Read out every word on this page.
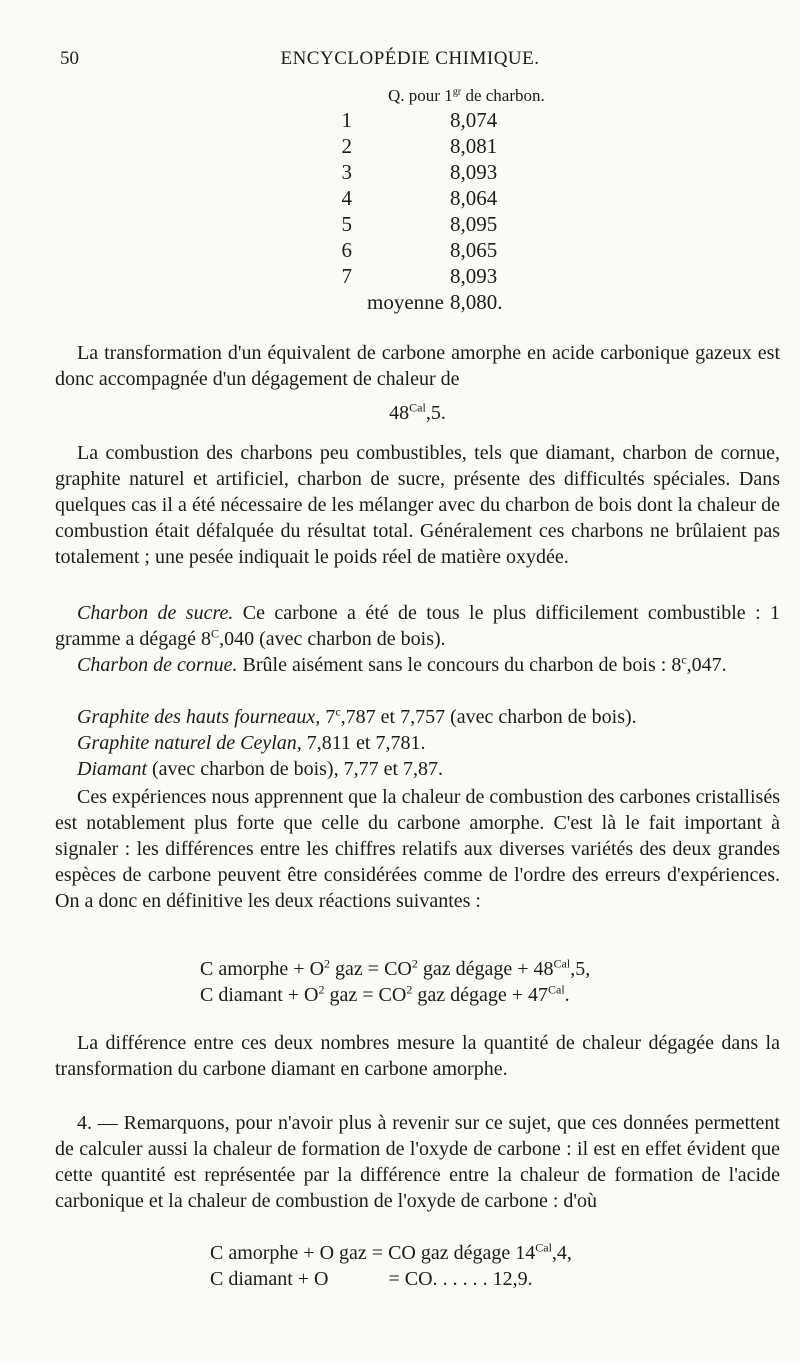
50	ENCYCLOPÉDIE CHIMIQUE.
Q. pour $1^{gr}$ de charbon.
1	8,074
2	8,081
3	8,093
4	8,064
5	8,095
6	8,065
7	8,093
moyenne 8,080.

La transformation d'un équivalent de carbone amorphe en acide carbonique gazeux est donc accompagnée d'un dégagement de chaleur de

$48^{Cal},5$.

La combustion des charbons peu combustibles, tels que diamant, charbon de cornue, graphite naturel et artificiel, charbon de sucre, présente des difficultés spéciales. Dans quelques cas il a été nécessaire de les mélanger avec du charbon de bois dont la chaleur de combustion était défalquée du résultat total. Généralement ces charbons ne brûlaient pas totalement ; une pesée indiquait le poids réel de matière oxydée.

Charbon de sucre. Ce carbone a été de tous le plus difficilement combustible : 1 gramme a dégagé $8^C,040$ (avec charbon de bois).

Charbon de cornue. Brûle aisément sans le concours du charbon de bois : 8$^c$,047.

Graphite des hauts fourneaux, 7$^c$,787 et 7,757 (avec charbon de bois).

Graphite naturel de Ceylan, 7,811 et 7,781.

Diamant (avec charbon de bois), 7,77 et 7,87.

Ces expériences nous apprennent que la chaleur de combustion des carbones cristallisés est notablement plus forte que celle du carbone amorphe. C'est là le fait important à signaler : les différences entre les chiffres relatifs aux diverses variétés des deux grandes espèces de carbone peuvent être considérées comme de l'ordre des erreurs d'expériences. On a donc en définitive les deux réactions suivantes :

C amorphe + $O^2$ gaz = $CO^2$ gaz dégage + $48^{Cal},5$,
C diamant + $O^2$ gaz = $CO^2$ gaz dégage + $47^{Cal}$.

La différence entre ces deux nombres mesure la quantité de chaleur dégagée dans la transformation du carbone diamant en carbone amorphe.

4. — Remarquons, pour n'avoir plus à revenir sur ce sujet, que ces données permettent de calculer aussi la chaleur de formation de l'oxyde de carbone : il est en effet évident que cette quantité est représentée par la différence entre la chaleur de formation de l'acide carbonique et la chaleur de combustion de l'oxyde de carbone : d'où

C amorphe + O gaz = CO gaz dégage $14^{Cal},4$,
C diamant + O	= CO. . . . . . 12,9.
